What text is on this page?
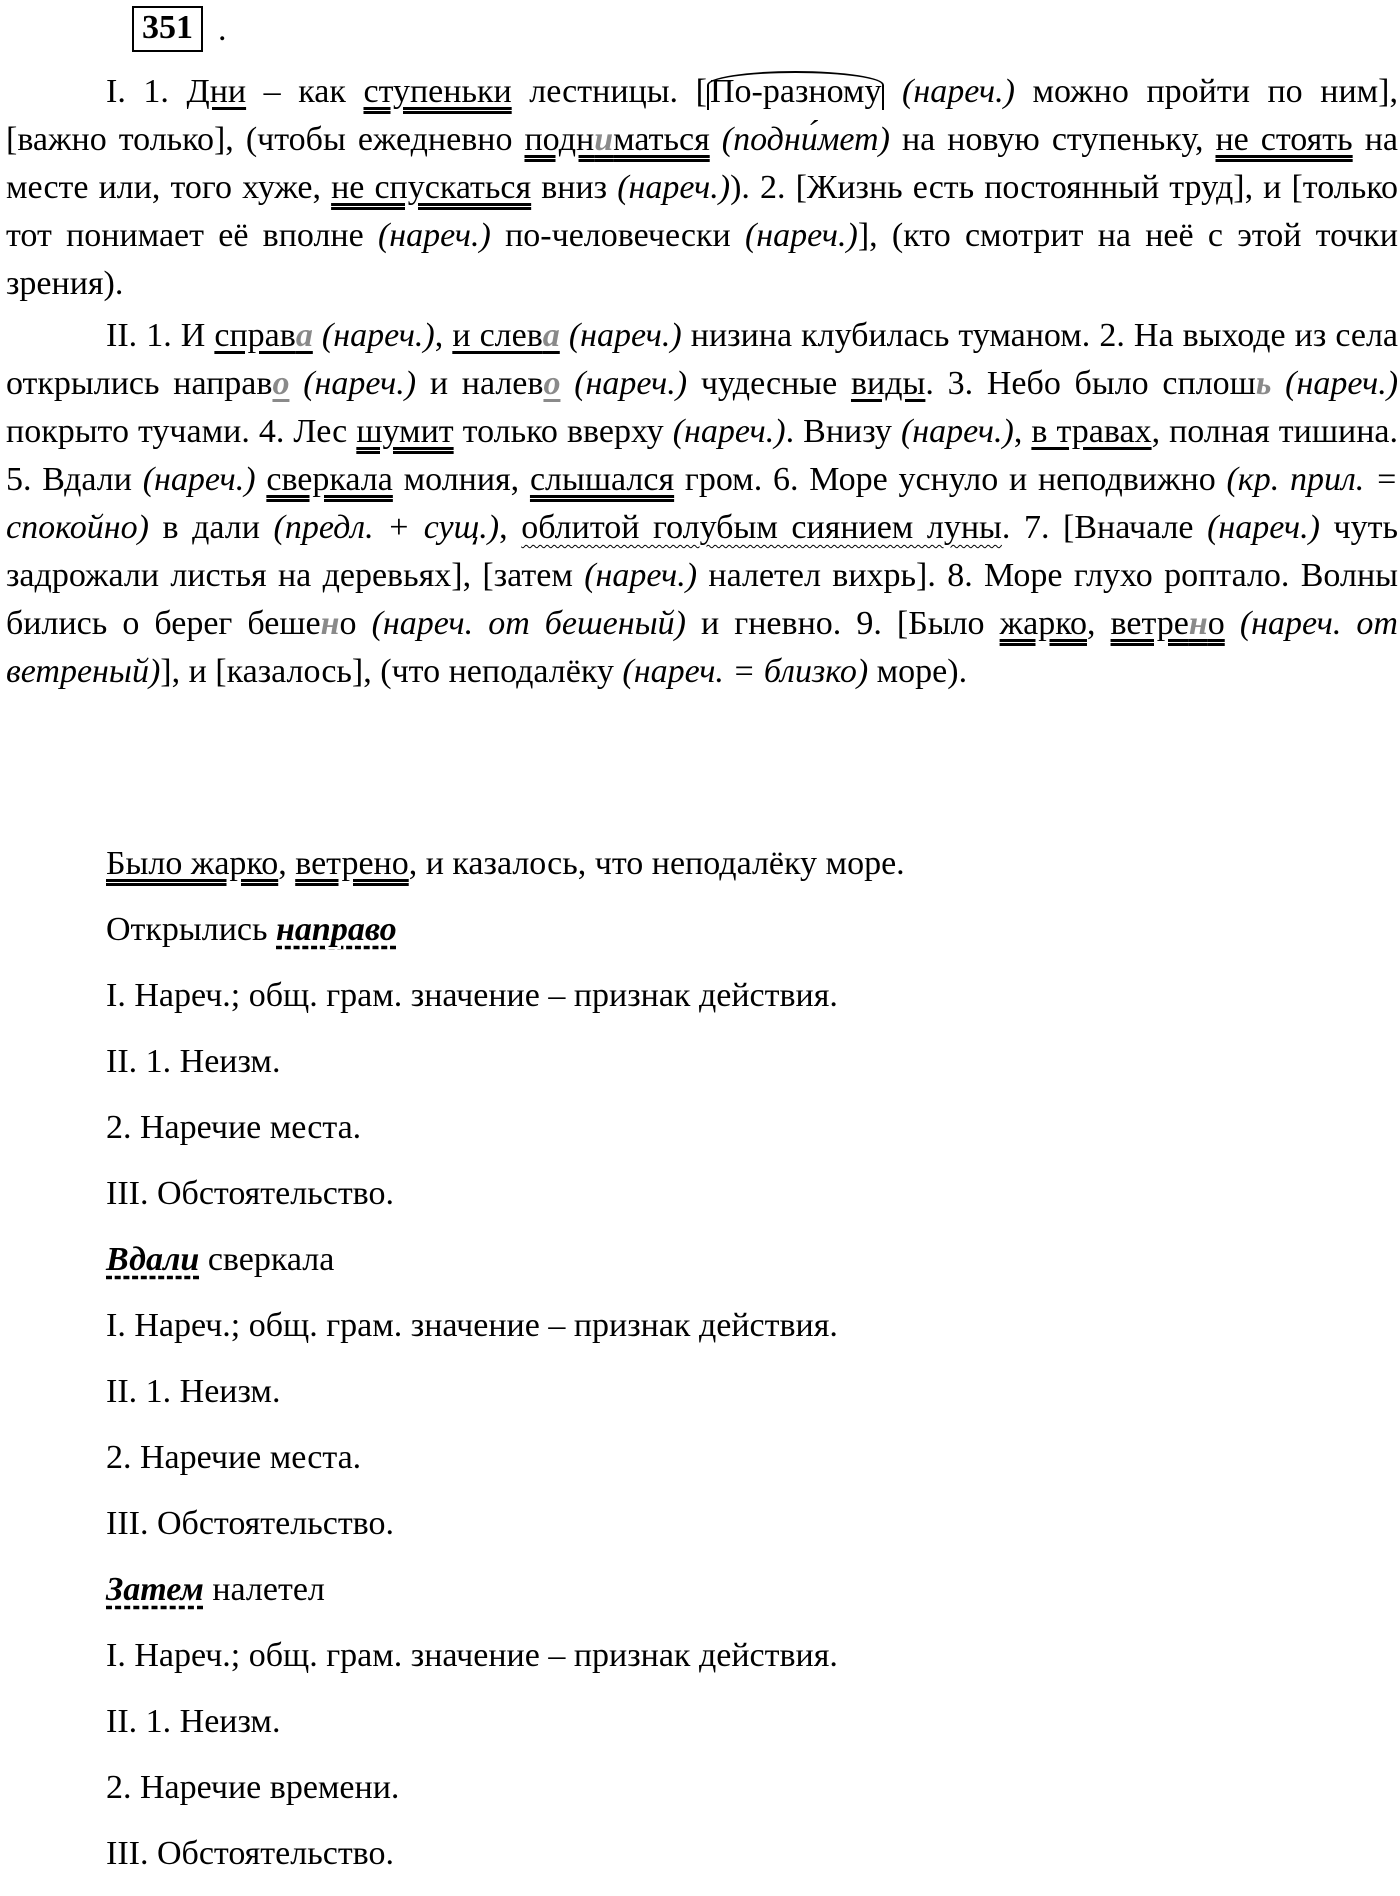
351 .

I. 1. Дни – как ступеньки лестницы. [По-разному (нареч.) можно пройти по ним], [важно только], (чтобы ежедневно подниматься (подни́мет) на новую ступеньку, не стоять на месте или, того хуже, не спускаться вниз (нареч.)). 2. [Жизнь есть постоянный труд], и [только тот понимает её вполне (нареч.) по-человечески (нареч.)], (кто смотрит на неё с этой точки зрения).

II. 1. И справа (нареч.), и слева (нареч.) низина клубилась туманом. 2. На выходе из села открылись направо (нареч.) и налево (нареч.) чудесные виды. 3. Небо было сплошь (нареч.) покрыто тучами. 4. Лес шумит только вверху (нареч.). Внизу (нареч.), в травах, полная тишина. 5. Вдали (нареч.) сверкала молния, слышался гром. 6. Море уснуло и неподвижно (кр. прил. = спокойно) в дали (предл. + сущ.), облитой голубым сиянием луны. 7. [Вначале (нареч.) чуть задрожали листья на деревьях], [затем (нареч.) налетел вихрь]. 8. Море глухо роптало. Волны бились о берег бешено (нареч. от бешеный) и гневно. 9. [Было жарко, ветрено (нареч. от ветреный)], и [казалось], (что неподалёку (нареч. = близко) море).

Было жарко, ветрено, и казалось, что неподалёку море.
Открылись направо
I. Нареч.; общ. грам. значение – признак действия.
II. 1. Неизм.
2. Наречие места.
III. Обстоятельство.
Вдали сверкала
I. Нареч.; общ. грам. значение – признак действия.
II. 1. Неизм.
2. Наречие места.
III. Обстоятельство.
Затем налетел
I. Нареч.; общ. грам. значение – признак действия.
II. 1. Неизм.
2. Наречие времени.
III. Обстоятельство.
